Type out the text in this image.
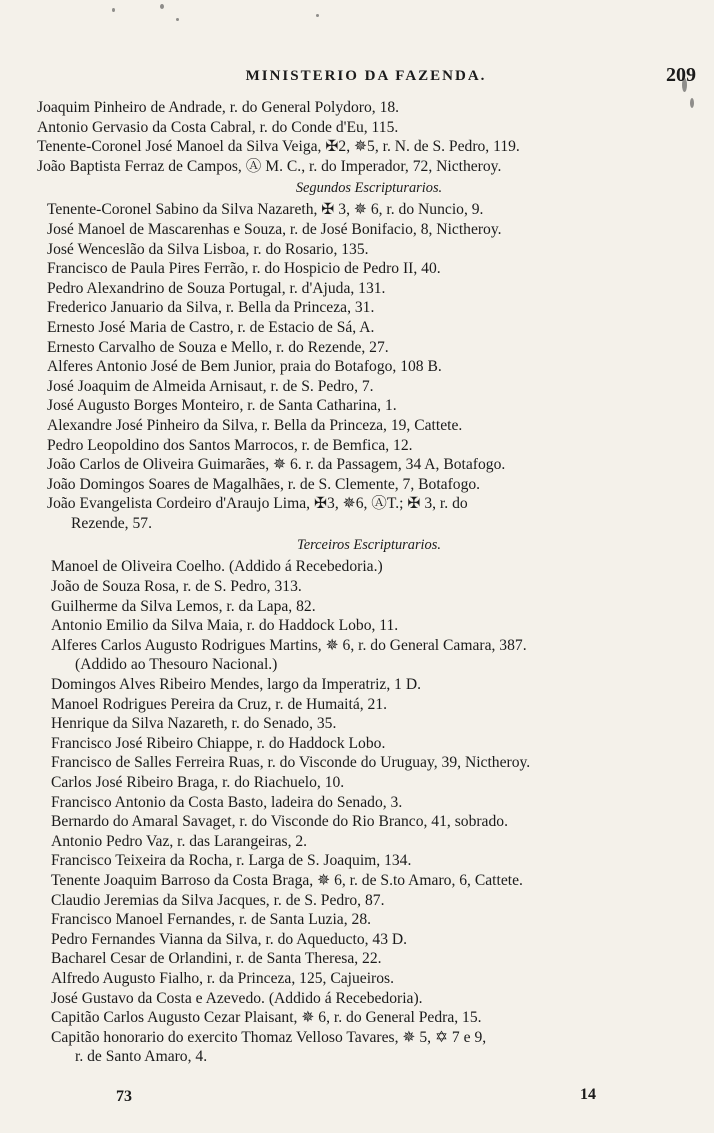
MINISTERIO DA FAZENDA.	209
Joaquim Pinheiro de Andrade, r. do General Polydoro, 18.
Antonio Gervasio da Costa Cabral, r. do Conde d'Eu, 115.
Tenente-Coronel José Manoel da Silva Veiga, ✠2, ✵5, r. N. de S. Pedro, 119.
João Baptista Ferraz de Campos, Ⓐ M. C., r. do Imperador, 72, Nictheroy.
Segundos Escripturarios.
Tenente-Coronel Sabino da Silva Nazareth, ✠ 3, ✵ 6, r. do Nuncio, 9.
José Manoel de Mascarenhas e Souza, r. de José Bonifacio, 8, Nictheroy.
José Wenceslão da Silva Lisboa, r. do Rosario, 135.
Francisco de Paula Pires Ferrão, r. do Hospicio de Pedro II, 40.
Pedro Alexandrino de Souza Portugal, r. d'Ajuda, 131.
Frederico Januario da Silva, r. Bella da Princeza, 31.
Ernesto José Maria de Castro, r. de Estacio de Sá, A.
Ernesto Carvalho de Souza e Mello, r. do Rezende, 27.
Alferes Antonio José de Bem Junior, praia do Botafogo, 108 B.
José Joaquim de Almeida Arnisaut, r. de S. Pedro, 7.
José Augusto Borges Monteiro, r. de Santa Catharina, 1.
Alexandre José Pinheiro da Silva, r. Bella da Princeza, 19, Cattete.
Pedro Leopoldino dos Santos Marrocos, r. de Bemfica, 12.
João Carlos de Oliveira Guimarães, ✵ 6. r. da Passagem, 34 A, Botafogo.
João Domingos Soares de Magalhães, r. de S. Clemente, 7, Botafogo.
João Evangelista Cordeiro d'Araujo Lima, ✠3, ✵6, ⒶT.; ✠ 3, r. do
Rezende, 57.
Terceiros Escripturarios.
Manoel de Oliveira Coelho. (Addido á Recebedoria.)
João de Souza Rosa, r. de S. Pedro, 313.
Guilherme da Silva Lemos, r. da Lapa, 82.
Antonio Emilio da Silva Maia, r. do Haddock Lobo, 11.
Alferes Carlos Augusto Rodrigues Martins, ✵ 6, r. do General Camara, 387.
(Addido ao Thesouro Nacional.)
Domingos Alves Ribeiro Mendes, largo da Imperatriz, 1 D.
Manoel Rodrigues Pereira da Cruz, r. de Humaitá, 21.
Henrique da Silva Nazareth, r. do Senado, 35.
Francisco José Ribeiro Chiappe, r. do Haddock Lobo.
Francisco de Salles Ferreira Ruas, r. do Visconde do Uruguay, 39, Nictheroy.
Carlos José Ribeiro Braga, r. do Riachuelo, 10.
Francisco Antonio da Costa Basto, ladeira do Senado, 3.
Bernardo do Amaral Savaget, r. do Visconde do Rio Branco, 41, sobrado.
Antonio Pedro Vaz, r. das Larangeiras, 2.
Francisco Teixeira da Rocha, r. Larga de S. Joaquim, 134.
Tenente Joaquim Barroso da Costa Braga, ✵ 6, r. de S.to Amaro, 6, Cattete.
Claudio Jeremias da Silva Jacques, r. de S. Pedro, 87.
Francisco Manoel Fernandes, r. de Santa Luzia, 28.
Pedro Fernandes Vianna da Silva, r. do Aqueducto, 43 D.
Bacharel Cesar de Orlandini, r. de Santa Theresa, 22.
Alfredo Augusto Fialho, r. da Princeza, 125, Cajueiros.
José Gustavo da Costa e Azevedo. (Addido á Recebedoria).
Capitão Carlos Augusto Cezar Plaisant, ✵ 6, r. do General Pedra, 15.
Capitão honorario do exercito Thomaz Velloso Tavares, ✵ 5, ✡ 7 e 9,
r. de Santo Amaro, 4.
73	14
